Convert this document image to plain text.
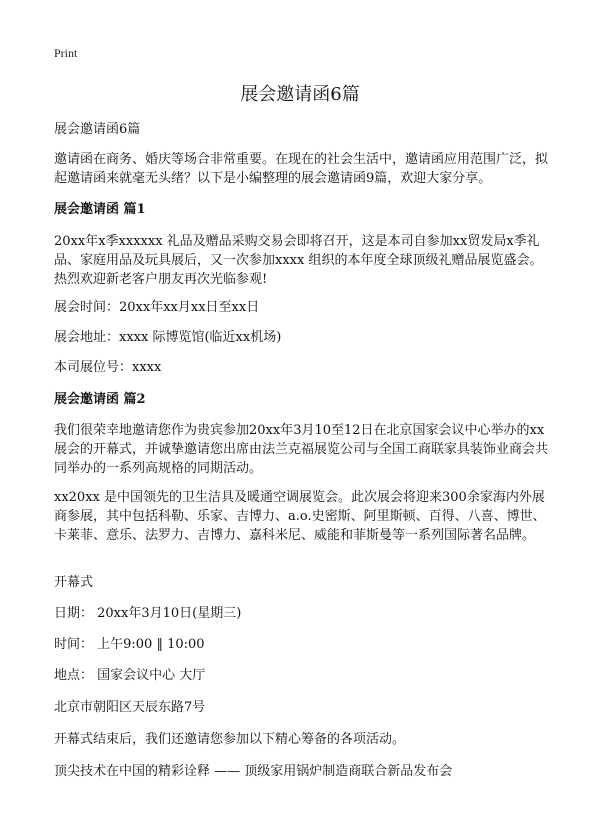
Print
展会邀请函6篇

展会邀请函6篇

邀请函在商务、婚庆等场合非常重要。在现在的社会生活中，邀请函应用范围广泛，拟起邀请函来就毫无头绪？以下是小编整理的展会邀请函9篇，欢迎大家分享。

展会邀请函 篇1

20xx年x季xxxxxx 礼品及赠品采购交易会即将召开，这是本司自参加xx贸发局x季礼品、家庭用品及玩具展后，又一次参加xxxx 组织的本年度全球顶级礼赠品展览盛会。热烈欢迎新老客户朋友再次光临参观!

展会时间：20xx年xx月xx日至xx日

展会地址：xxxx 际博览馆(临近xx机场)

本司展位号：xxxx

展会邀请函 篇2

我们很荣幸地邀请您作为贵宾参加20xx年3月10至12日在北京国家会议中心举办的xx展会的开幕式，并诚挚邀请您出席由法兰克福展览公司与全国工商联家具装饰业商会共同举办的一系列高规格的同期活动。

xx20xx 是中国领先的卫生洁具及暖通空调展览会。此次展会将迎来300余家海内外展商参展，其中包括科勒、乐家、吉博力、a.o.史密斯、阿里斯顿、百得、八喜、博世、卡莱菲、意乐、法罗力、吉博力、嘉科米尼、威能和菲斯曼等一系列国际著名品牌。

开幕式

日期： 20xx年3月10日(星期三)

时间： 上午9:00 ‖ 10:00

地点： 国家会议中心 大厅

北京市朝阳区天辰东路7号

开幕式结束后，我们还邀请您参加以下精心筹备的各项活动。

顶尖技术在中国的精彩诠释 —— 顶级家用锅炉制造商联合新品发布会
